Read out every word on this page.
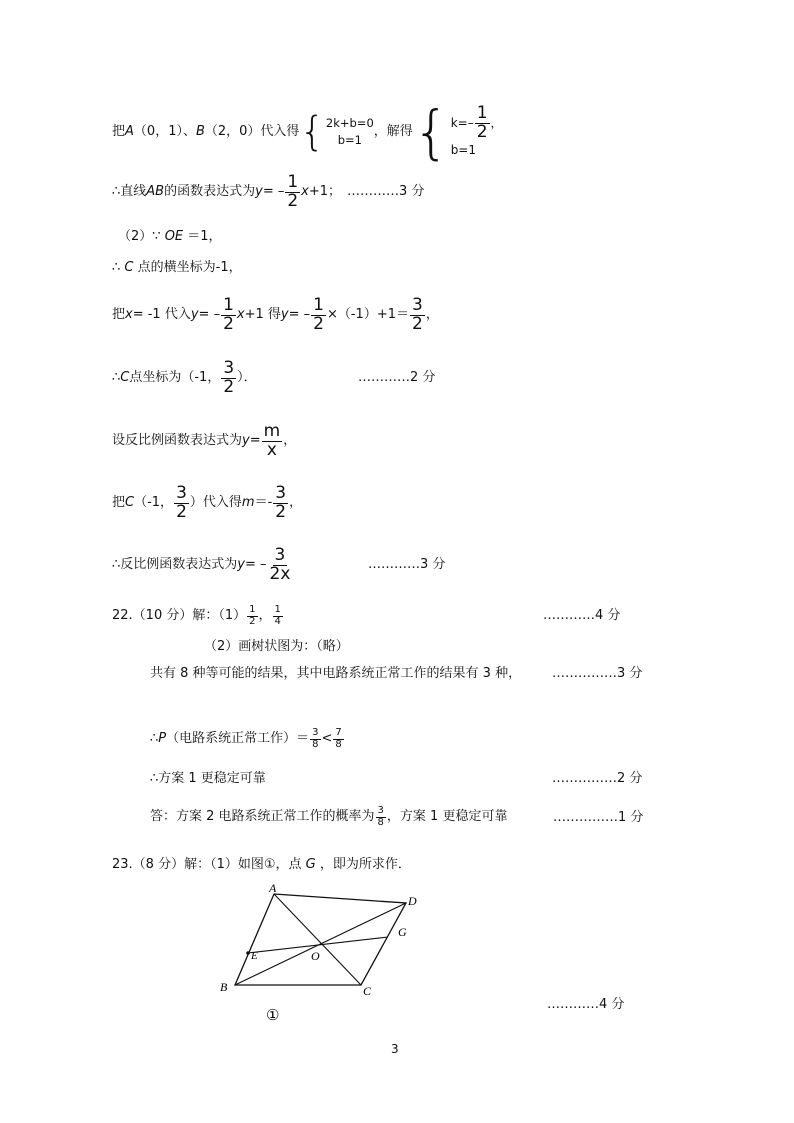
把 A （0，1）、 B （2，0）代入得 { 2k+b=0
b=1
，解得 { $k=- \frac{1}{2}$ ，
b=1
∴直线 AB 的函数表达式为 y = – $\frac{1}{2}$ x +1； …………3 分
（2）∵ OE ＝1，
∴ C 点的横坐标为-1，
把 x = -1 代入 y = – $\frac{1}{2}$ x +1 得 y = – $\frac{1}{2} \times(-1)+1= \frac{3}{2}$ ，
∴ C 点坐标为（-1， $\frac{3}{2}$ ）．	…………2 分
设反比例函数表达式为 $y = \frac{m}{x}$ ，
把 C （-1， $\frac{3}{2}$ ）代入得 $m =- \frac{3}{2}$ ，
∴反比例函数表达式为 y = – $\frac{3}{2x}$	…………3 分
22.（10 分）解：$(1) \frac{1}{2}$ ， $\frac{1}{4}$	…………4 分
（2）画树状图为：（略）
共有 8 种等可能的结果，其中电路系统正常工作的结果有 3 种， ……………3 分
∴ P （电路系统正常工作）＝ $\frac{3}{8} < \frac{7}{8}$
∴方案 1 更稳定可靠	……………2 分
答：方案 2 电路系统正常工作的概率为 $\frac{3}{8}$ ，方案 1 更稳定可靠	……………1 分
23.（8 分）解：（1）如图①，点 G ，即为所求作．
A
D
G
E	O
B	C
①
…………4 分
3
